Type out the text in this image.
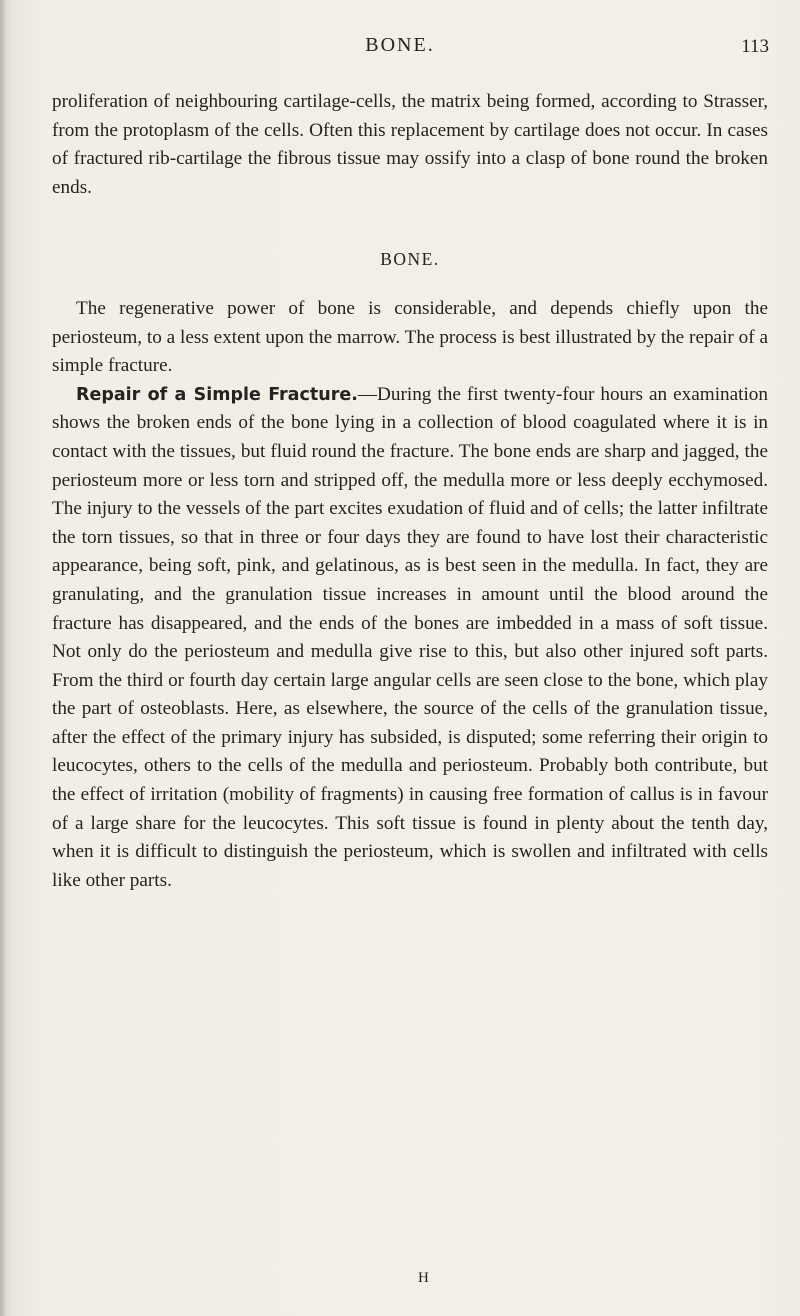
BONE.	113

proliferation of neighbouring cartilage-cells, the matrix being formed, according to Strasser, from the protoplasm of the cells. Often this replacement by cartilage does not occur. In cases of fractured rib-cartilage the fibrous tissue may ossify into a clasp of bone round the broken ends.

BONE.

The regenerative power of bone is considerable, and depends chiefly upon the periosteum, to a less extent upon the marrow. The process is best illustrated by the repair of a simple fracture.

Repair of a Simple Fracture.—During the first twenty-four hours an examination shows the broken ends of the bone lying in a collection of blood coagulated where it is in contact with the tissues, but fluid round the fracture. The bone ends are sharp and jagged, the periosteum more or less torn and stripped off, the medulla more or less deeply ecchymosed. The injury to the vessels of the part excites exudation of fluid and of cells; the latter infiltrate the torn tissues, so that in three or four days they are found to have lost their characteristic appearance, being soft, pink, and gelatinous, as is best seen in the medulla. In fact, they are granulating, and the granulation tissue increases in amount until the blood around the fracture has disappeared, and the ends of the bones are imbedded in a mass of soft tissue. Not only do the periosteum and medulla give rise to this, but also other injured soft parts. From the third or fourth day certain large angular cells are seen close to the bone, which play the part of osteoblasts. Here, as elsewhere, the source of the cells of the granulation tissue, after the effect of the primary injury has subsided, is disputed; some referring their origin to leucocytes, others to the cells of the medulla and periosteum. Probably both contribute, but the effect of irritation (mobility of fragments) in causing free formation of callus is in favour of a large share for the leucocytes. This soft tissue is found in plenty about the tenth day, when it is difficult to distinguish the periosteum, which is swollen and infiltrated with cells like other parts.

H
